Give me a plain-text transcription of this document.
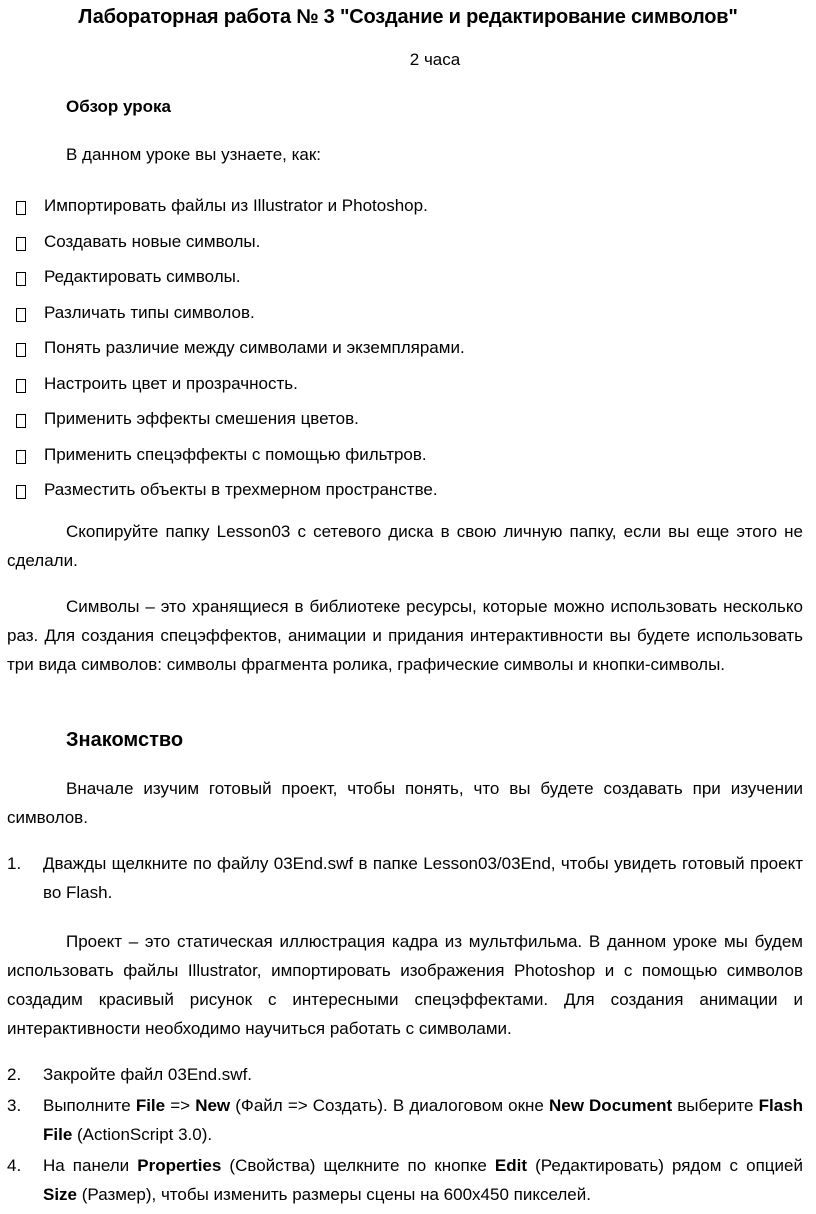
Лабораторная работа № 3 "Создание и редактирование символов"
2 часа
Обзор урока
В данном уроке вы узнаете, как:
Импортировать файлы из Illustrator и Photoshop.
Создавать новые символы.
Редактировать символы.
Различать типы символов.
Понять различие между символами и экземплярами.
Настроить цвет и прозрачность.
Применить эффекты смешения цветов.
Применить спецэффекты с помощью фильтров.
Разместить объекты в трехмерном пространстве.

Скопируйте папку Lesson03 с сетевого диска в свою личную папку, если вы еще этого не сделали.

Символы – это хранящиеся в библиотеке ресурсы, которые можно использовать несколько раз. Для создания спецэффектов, анимации и придания интерактивности вы будете использовать три вида символов: символы фрагмента ролика, графические символы и кнопки-символы.

Знакомство

Вначале изучим готовый проект, чтобы понять, что вы будете создавать при изучении символов.

1.	Дважды щелкните по файлу 03End.swf в папке Lesson03/03End, чтобы увидеть готовый проект во Flash.

Проект – это статическая иллюстрация кадра из мультфильма. В данном уроке мы будем использовать файлы Illustrator, импортировать изображения Photoshop и с помощью символов создадим красивый рисунок с интересными спецэффектами. Для создания анимации и интерактивности необходимо научиться работать с символами.

2.	Закройте файл 03End.swf.
3.	Выполните File => New (Файл => Создать). В диалоговом окне New Document выберите Flash File (ActionScript 3.0).
4.	На панели Properties (Свойства) щелкните по кнопке Edit (Редактировать) рядом с опцией Size (Размер), чтобы изменить размеры сцены на 600x450 пикселей.
